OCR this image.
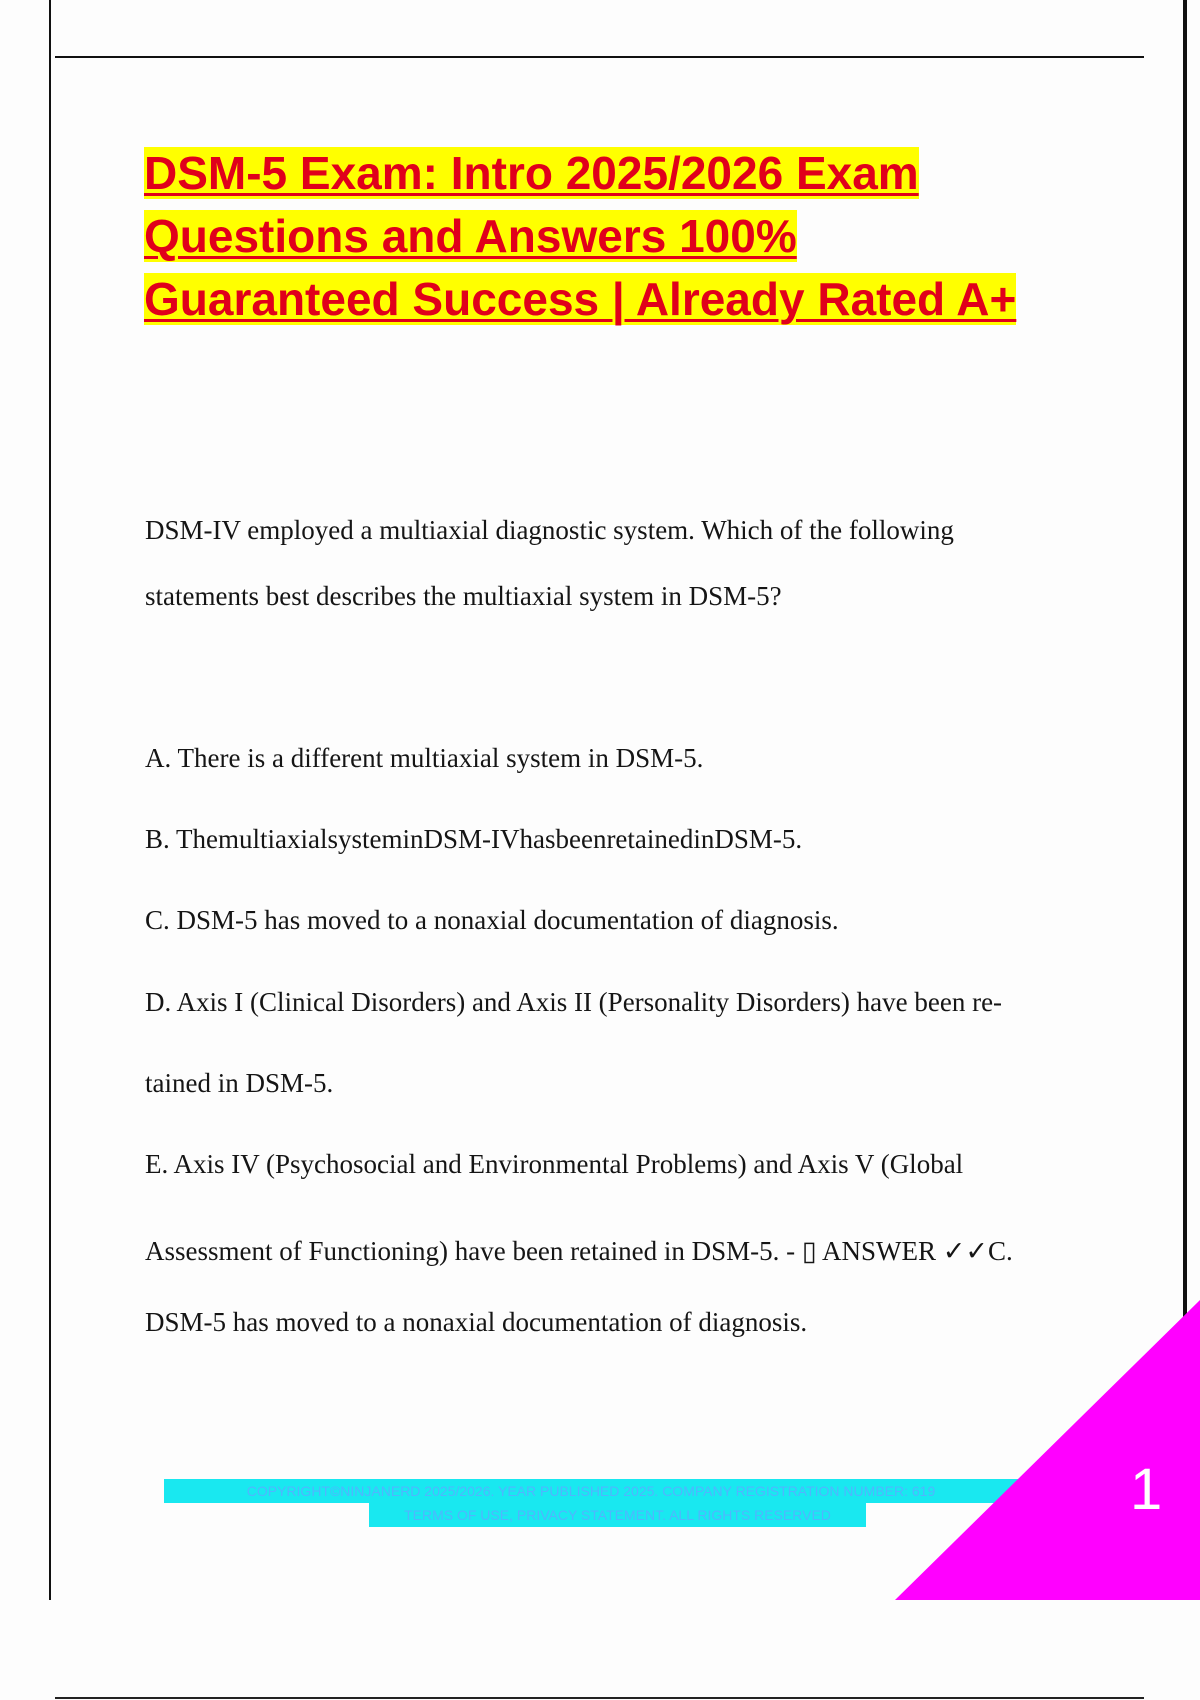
DSM-5 Exam: Intro 2025/2026 Exam
Questions and Answers 100%
Guaranteed Success | Already Rated A+

DSM-IV employed a multiaxial diagnostic system. Which of the following

statements best describes the multiaxial system in DSM-5?

A. There is a different multiaxial system in DSM-5.

B. ThemultiaxialsysteminDSM-IVhasbeenretainedinDSM-5.

C. DSM-5 has moved to a nonaxial documentation of diagnosis.

D. Axis I (Clinical Disorders) and Axis II (Personality Disorders) have been re-

tained in DSM-5.

E. Axis IV (Psychosocial and Environmental Problems) and Axis V (Global

Assessment of Functioning) have been retained in DSM-5. - ▯ ANSWER ✓✓C.

DSM-5 has moved to a nonaxial documentation of diagnosis.

COPYRIGHT©NINJANERD 2025/2026. YEAR PUBLISHED 2025. COMPANY REGISTRATION NUMBER: 619
TERMS OF USE, PRIVACY STATEMENT. ALL RIGHTS RESERVED	1
